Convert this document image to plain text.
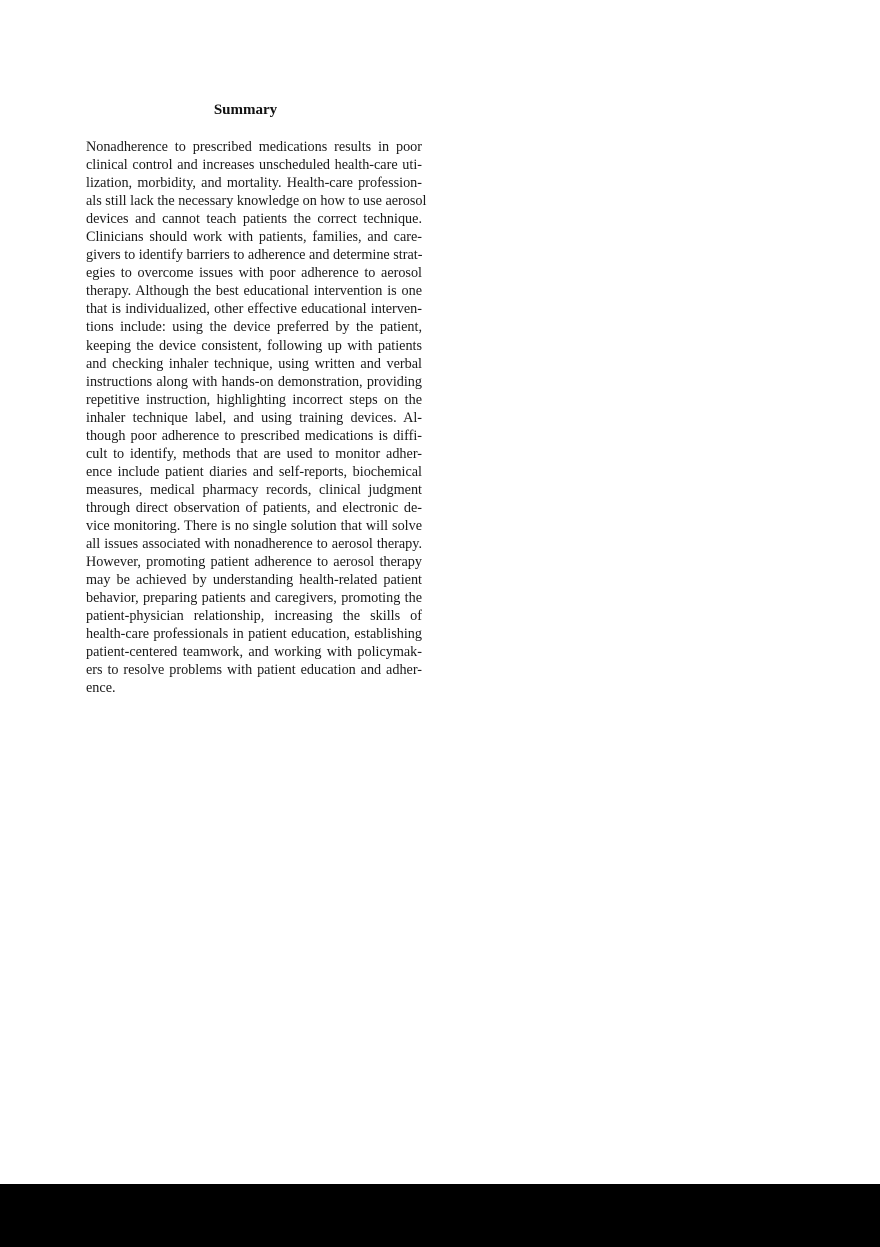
Summary

Nonadherence to prescribed medications results in poor
clinical control and increases unscheduled health-care uti-
lization, morbidity, and mortality. Health-care profession-
als still lack the necessary knowledge on how to use aerosol
devices and cannot teach patients the correct technique.
Clinicians should work with patients, families, and care-
givers to identify barriers to adherence and determine strat-
egies to overcome issues with poor adherence to aerosol
therapy. Although the best educational intervention is one
that is individualized, other effective educational interven-
tions include: using the device preferred by the patient,
keeping the device consistent, following up with patients
and checking inhaler technique, using written and verbal
instructions along with hands-on demonstration, providing
repetitive instruction, highlighting incorrect steps on the
inhaler technique label, and using training devices. Al-
though poor adherence to prescribed medications is diffi-
cult to identify, methods that are used to monitor adher-
ence include patient diaries and self-reports, biochemical
measures, medical pharmacy records, clinical judgment
through direct observation of patients, and electronic de-
vice monitoring. There is no single solution that will solve
all issues associated with nonadherence to aerosol therapy.
However, promoting patient adherence to aerosol therapy
may be achieved by understanding health-related patient
behavior, preparing patients and caregivers, promoting the
patient-physician relationship, increasing the skills of
health-care professionals in patient education, establishing
patient-centered teamwork, and working with policymak-
ers to resolve problems with patient education and adher-
ence.
